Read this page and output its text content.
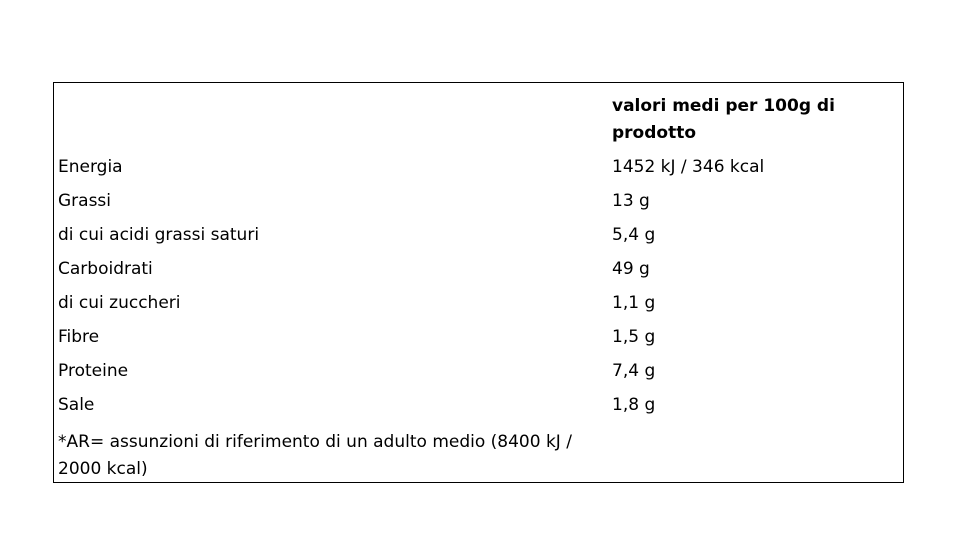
valori medi per 100g di prodotto
Energia	1452 kJ / 346 kcal
Grassi	13 g
di cui acidi grassi saturi	5,4 g
Carboidrati	49 g
di cui zuccheri	1,1 g
Fibre	1,5 g
Proteine	7,4 g
Sale	1,8 g
*AR= assunzioni di riferimento di un adulto medio (8400 kJ / 2000 kcal)
